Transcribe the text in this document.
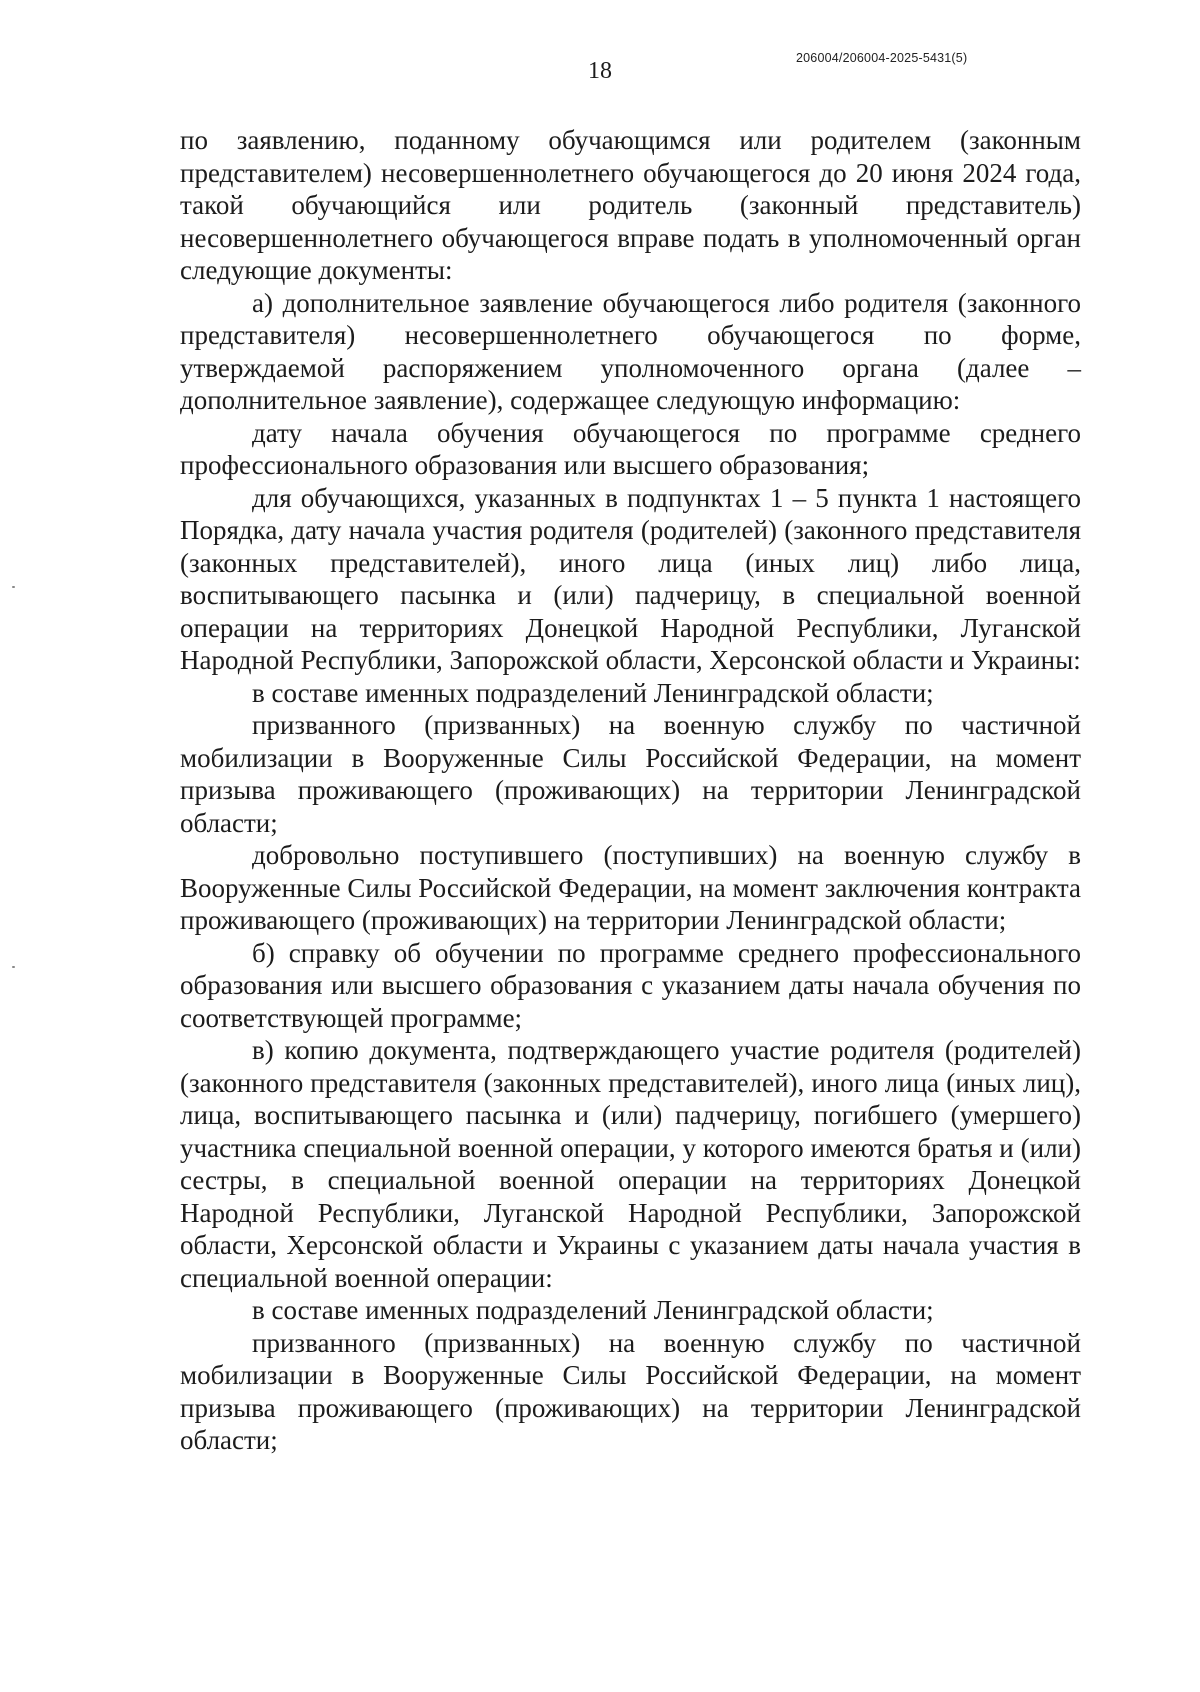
18	206004/206004-2025-5431(5)

по заявлению, поданному обучающимся или родителем (законным представителем) несовершеннолетнего обучающегося до 20 июня 2024 года, такой обучающийся или родитель (законный представитель) несовершеннолетнего обучающегося вправе подать в уполномоченный орган следующие документы:

а) дополнительное заявление обучающегося либо родителя (законного представителя) несовершеннолетнего обучающегося по форме, утверждаемой распоряжением уполномоченного органа (далее – дополнительное заявление), содержащее следующую информацию:

дату начала обучения обучающегося по программе среднего профессионального образования или высшего образования;

для обучающихся, указанных в подпунктах 1 – 5 пункта 1 настоящего Порядка, дату начала участия родителя (родителей) (законного представителя (законных представителей), иного лица (иных лиц) либо лица, воспитывающего пасынка и (или) падчерицу, в специальной военной операции на территориях Донецкой Народной Республики, Луганской Народной Республики, Запорожской области, Херсонской области и Украины:

в составе именных подразделений Ленинградской области;

призванного (призванных) на военную службу по частичной мобилизации в Вооруженные Силы Российской Федерации, на момент призыва проживающего (проживающих) на территории Ленинградской области;

добровольно поступившего (поступивших) на военную службу в Вооруженные Силы Российской Федерации, на момент заключения контракта проживающего (проживающих) на территории Ленинградской области;

б) справку об обучении по программе среднего профессионального образования или высшего образования с указанием даты начала обучения по соответствующей программе;

в) копию документа, подтверждающего участие родителя (родителей) (законного представителя (законных представителей), иного лица (иных лиц), лица, воспитывающего пасынка и (или) падчерицу, погибшего (умершего) участника специальной военной операции, у которого имеются братья и (или) сестры, в специальной военной операции на территориях Донецкой Народной Республики, Луганской Народной Республики, Запорожской области, Херсонской области и Украины с указанием даты начала участия в специальной военной операции:

в составе именных подразделений Ленинградской области;

призванного (призванных) на военную службу по частичной мобилизации в Вооруженные Силы Российской Федерации, на момент призыва проживающего (проживающих) на территории Ленинградской области;
